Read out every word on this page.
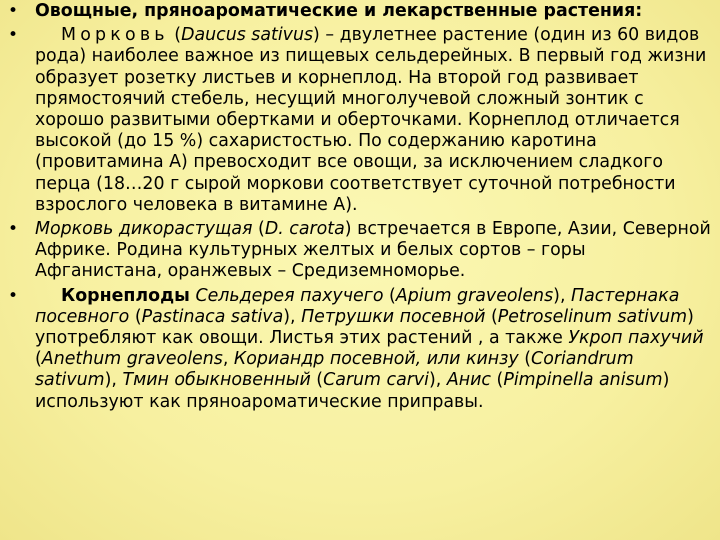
• Овощные, пряноароматические и лекарственные растения:
•	Морковь (Daucus sativus) – двулетнее растение (один из 60 видов рода) наиболее важное из пищевых сельдерейных. В первый год жизни образует розетку листьев и корнеплод. На второй год развивает прямостоячий стебель, несущий многолучевой сложный зонтик с хорошо развитыми обертками и оберточками. Корнеплод отличается высокой (до 15 %) сахаристостью. По содержанию каротина (провитамина А) превосходит все овощи, за исключением сладкого перца (18…20 г сырой моркови соответствует суточной потребности взрослого человека в витамине А).
• Морковь дикорастущая (D. carota) встречается в Европе, Азии, Северной Африке. Родина культурных желтых и белых сортов – горы Афганистана, оранжевых – Средиземноморье.
•	Корнеплоды Сельдерея пахучего (Apium graveolens), Пастернака посевного (Pastinaca sativa), Петрушки посевной (Petroselinum sativum) употребляют как овощи. Листья этих растений , а также Укроп пахучий (Anethum graveolens, Кориандр посевной, или кинзу (Coriandrum sativum), Тмин обыкновенный (Carum carvi), Анис (Pimpinella anisum) используют как пряноароматические приправы.
